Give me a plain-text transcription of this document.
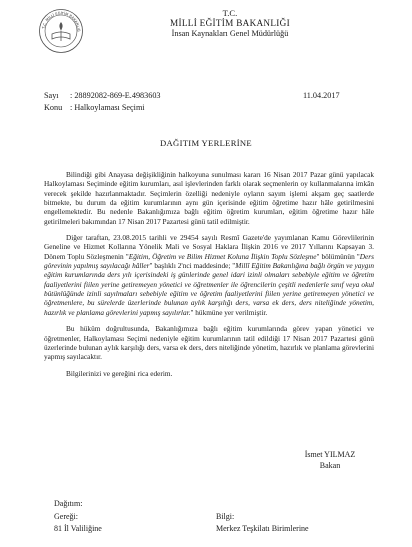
T.C. MİLLİ EĞİTİM BAKANLIĞ
T.C.
MİLLİ EĞİTİM BAKANLIĞI
İnsan Kaynakları Genel Müdürlüğü
Sayı : 28892082-869-E.4983603	11.04.2017
Konu : Halkoylaması Seçimi
DAĞITIM YERLERİNE

Bilindiği gibi Anayasa değişikliğinin halkoyuna sunulması kararı 16 Nisan 2017 Pazar günü yapılacak Halkoylaması Seçiminde eğitim kurumları, asıl işlevlerinden farklı olarak seçmenlerin oy kullanmalarına imkân verecek şekilde hazırlanmaktadır. Seçimlerin özelliği nedeniyle oyların sayım işlemi akşam geç saatlerde bitmekte, bu durum da eğitim kurumlarının aynı gün içerisinde eğitim öğretime hazır hâle getirilmesini engellemektedir. Bu nedenle Bakanlığımıza bağlı eğitim öğretim kurumları, eğitim öğretime hazır hâle getirilmeleri bakımından 17 Nisan 2017 Pazartesi günü tatil edilmiştir.

Diğer taraftan, 23.08.2015 tarihli ve 29454 sayılı Resmî Gazete'de yayımlanan Kamu Görevlilerinin Geneline ve Hizmet Kollarına Yönelik Mali ve Sosyal Haklara İlişkin 2016 ve 2017 Yıllarını Kapsayan 3. Dönem Toplu Sözleşmenin "Eğitim, Öğretim ve Bilim Hizmet Koluna İlişkin Toplu Sözleşme" bölümünün "Ders görevinin yapılmış sayılacağı hâller" başlıklı 2'nci maddesinde; "Millî Eğitim Bakanlığına bağlı örgün ve yaygın eğitim kurumlarında ders yılı içerisindeki iş günlerinde genel idari izinli olmaları sebebiyle eğitim ve öğretim faaliyetlerini fiilen yerine getiremeyen yönetici ve öğretmenler ile öğrencilerin çeşitli nedenlerle sınıf veya okul bütünlüğünde izinli sayılmaları sebebiyle eğitim ve öğretim faaliyetlerini fiilen yerine getiremeyen yönetici ve öğretmenlere, bu sürelerde üzerlerinde bulunan aylık karşılığı ders, varsa ek ders, ders niteliğinde yönetim, hazırlık ve planlama görevlerini yapmış sayılırlar." hükmüne yer verilmiştir.

Bu hüküm doğrultusunda, Bakanlığımıza bağlı eğitim kurumlarında görev yapan yönetici ve öğretmenler, Halkoylaması Seçimi nedeniyle eğitim kurumlarının tatil edildiği 17 Nisan 2017 Pazartesi günü üzerlerinde bulunan aylık karşılığı ders, varsa ek ders, ders niteliğinde yönetim, hazırlık ve planlama görevlerini yapmış sayılacaktır.

Bilgilerinizi ve gereğini rica ederim.

İsmet YILMAZ
Bakan
Dağıtım:
Gereği:
81 İl Valiliğine
Bilgi:
Merkez Teşkilatı Birimlerine
